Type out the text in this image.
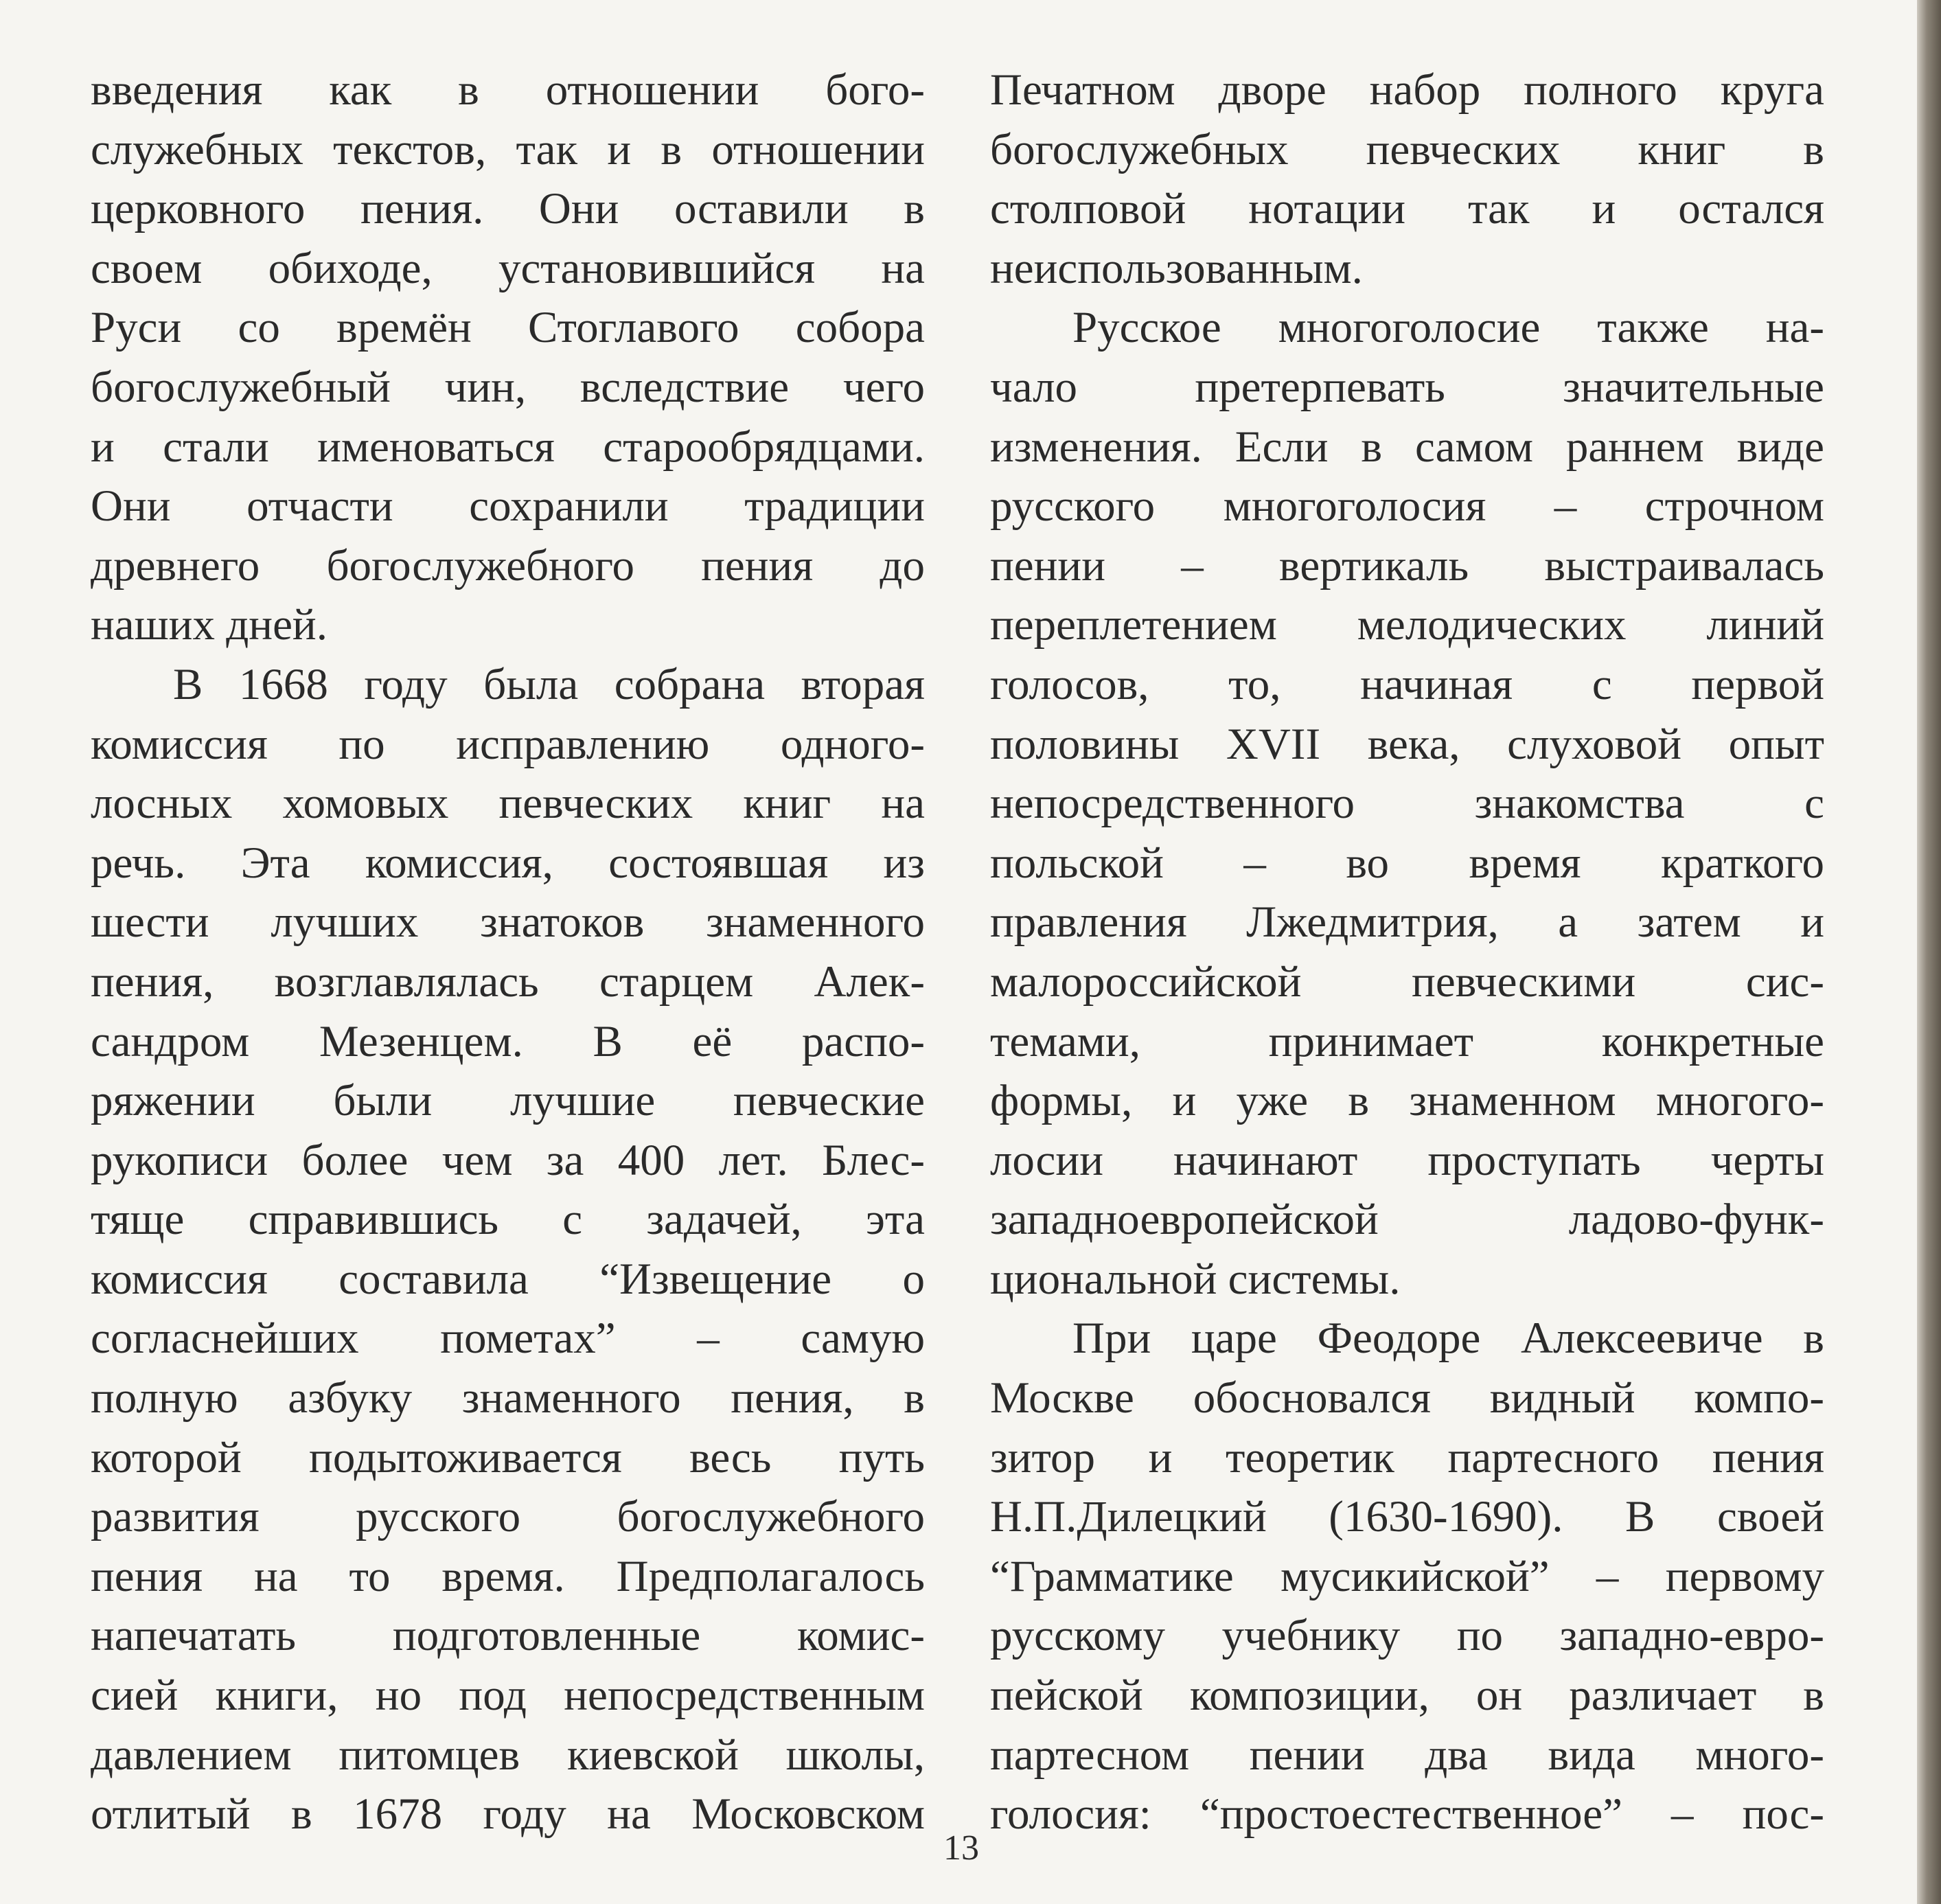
введения как в отношении бого-
служебных текстов, так и в отношении
церковного пения. Они оставили в
своем обиходе, установившийся на
Руси со времён Стоглавого собора
богослужебный чин, вследствие чего
и стали именоваться старообрядцами.
Они отчасти сохранили традиции
древнего богослужебного пения до
наших дней.
В 1668 году была собрана вторая
комиссия по исправлению одного-
лосных хомовых певческих книг на
речь. Эта комиссия, состоявшая из
шести лучших знатоков знаменного
пения, возглавлялась старцем Алек-
сандром Мезенцем. В её распо-
ряжении были лучшие певческие
рукописи более чем за 400 лет. Блес-
тяще справившись с задачей, эта
комиссия составила “Извещение о
согласнейших пометах” – самую
полную азбуку знаменного пения, в
которой подытоживается весь путь
развития русского богослужебного
пения на то время. Предполагалось
напечатать подготовленные комис-
сией книги, но под непосредственным
давлением питомцев киевской школы,
отлитый в 1678 году на Московском
Печатном дворе набор полного круга
богослужебных певческих книг в
столповой нотации так и остался
неиспользованным.
Русское многоголосие также на-
чало претерпевать значительные
изменения. Если в самом раннем виде
русского многоголосия – строчном
пении – вертикаль выстраивалась
переплетением мелодических линий
голосов, то, начиная с первой
половины XVII века, слуховой опыт
непосредственного знакомства с
польской – во время краткого
правления Лжедмитрия, а затем и
малороссийской певческими сис-
темами, принимает конкретные
формы, и уже в знаменном многого-
лосии начинают проступать черты
западноевропейской ладово-функ-
циональной системы.
При царе Феодоре Алексеевиче в
Москве обосновался видный компо-
зитор и теоретик партесного пения
Н.П.Дилецкий (1630-1690). В своей
“Грамматике мусикийской” – первому
русскому учебнику по западно-евро-
пейской композиции, он различает в
партесном пении два вида много-
голосия: “простоестественное” – пос-
13
